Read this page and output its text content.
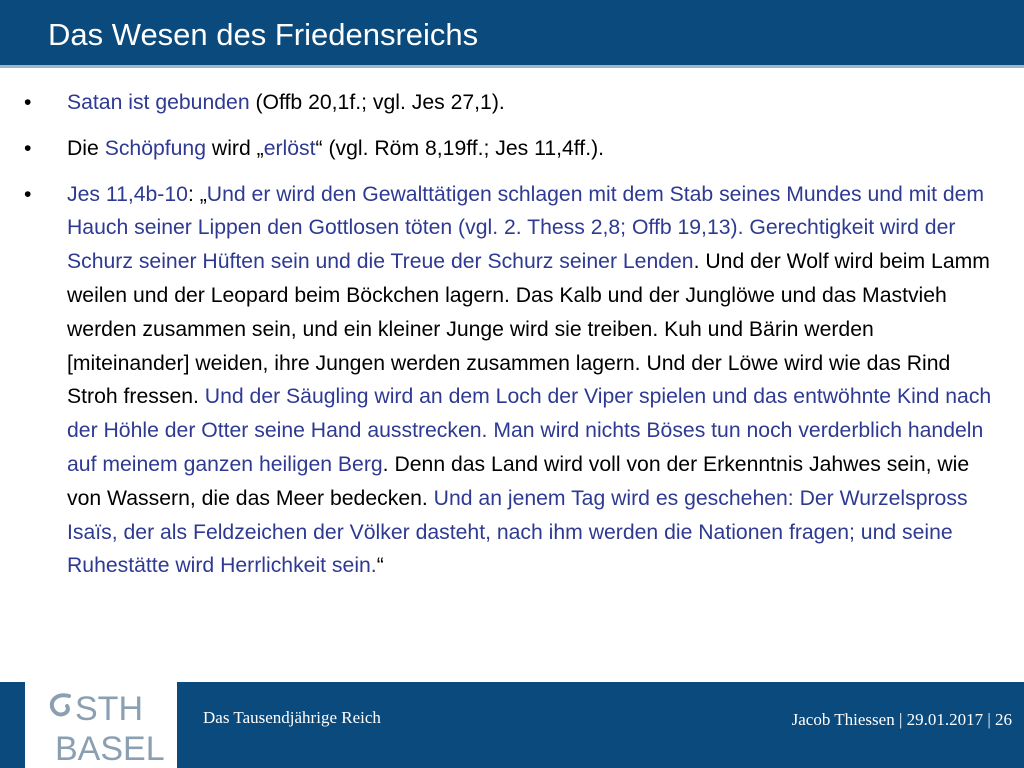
Das Wesen des Friedensreichs
• Satan ist gebunden (Offb 20,1f.; vgl. Jes 27,1).
• Die Schöpfung wird „erlöst“ (vgl. Röm 8,19ff.; Jes 11,4ff.).
• Jes 11,4b-10: „Und er wird den Gewalttätigen schlagen mit dem Stab seines Mundes und mit dem Hauch seiner Lippen den Gottlosen töten (vgl. 2. Thess 2,8; Offb 19,13). Gerechtigkeit wird der Schurz seiner Hüften sein und die Treue der Schurz seiner Lenden. Und der Wolf wird beim Lamm weilen und der Leopard beim Böckchen lagern. Das Kalb und der Junglöwe und das Mastvieh werden zusammen sein, und ein kleiner Junge wird sie treiben. Kuh und Bärin werden [miteinander] weiden, ihre Jungen werden zusammen lagern. Und der Löwe wird wie das Rind Stroh fressen. Und der Säugling wird an dem Loch der Viper spielen und das entwöhnte Kind nach der Höhle der Otter seine Hand ausstrecken. Man wird nichts Böses tun noch verderblich handeln auf meinem ganzen heiligen Berg. Denn das Land wird voll von der Erkenntnis Jahwes sein, wie von Wassern, die das Meer bedecken. Und an jenem Tag wird es geschehen: Der Wurzelspross Isaïs, der als Feldzeichen der Völker dasteht, nach ihm werden die Nationen fragen; und seine Ruhestätte wird Herrlichkeit sein.“
STH
BASEL
Das Tausendjährige Reich	Jacob Thiessen | 29.01.2017 | 26
